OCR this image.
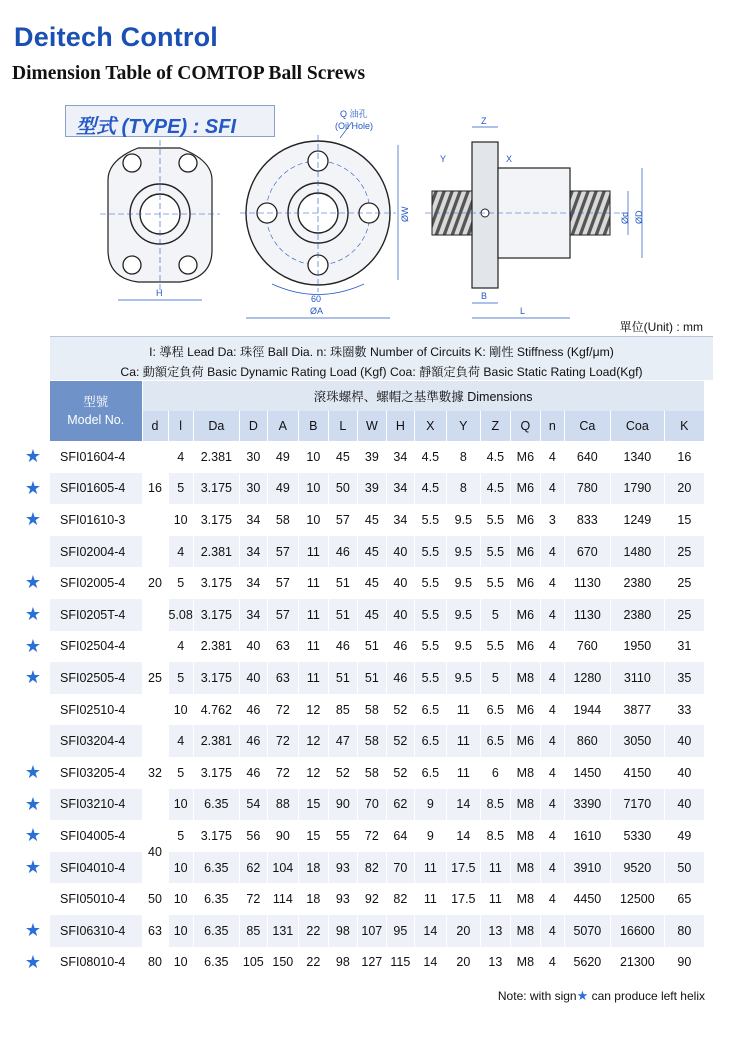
Deitech Control
Dimension Table of COMTOP Ball Screws
型式 (TYPE) : SFI
H
Q 油孔
(Oil Hole)
ØW
60
ØA
Z
Y	X
B
L
Ød ØD
單位(Unit) : mm
I: 導程 Lead Da: 珠徑 Ball Dia. n: 珠圈數 Number of Circuits K: 剛性 Stiffness (Kgf/μm)
Ca: 動額定負荷 Basic Dynamic Rating Load (Kgf) Coa: 靜額定負荷 Basic Static Rating Load(Kgf)
型號
Model No.	滾珠螺桿、螺帽之基準數據 Dimensions																
	d	l	Da	D	A	B	L	W	H	X	Y	Z	Q	n	Ca	Coa	K
SFI01604-4	16	4	2.381	30	49	10	45	39	34	4.5	8	4.5	M6	4	640	1340	16
SFI01605-4		5	3.175	30	49	10	50	39	34	4.5	8	4.5	M6	4	780	1790	20
SFI01610-3		10	3.175	34	58	10	57	45	34	5.5	9.5	5.5	M6	3	833	1249	15
SFI02004-4	20	4	2.381	34	57	11	46	45	40	5.5	9.5	5.5	M6	4	670	1480	25
SFI02005-4		5	3.175	34	57	11	51	45	40	5.5	9.5	5.5	M6	4	1130	2380	25
SFI0205T-4		5.08	3.175	34	57	11	51	45	40	5.5	9.5	5	M6	4	1130	2380	25
SFI02504-4	25	4	2.381	40	63	11	46	51	46	5.5	9.5	5.5	M6	4	760	1950	31
SFI02505-4		5	3.175	40	63	11	51	51	46	5.5	9.5	5	M8	4	1280	3110	35
SFI02510-4		10	4.762	46	72	12	85	58	52	6.5	11	6.5	M6	4	1944	3877	33
SFI03204-4	32	4	2.381	46	72	12	47	58	52	6.5	11	6.5	M6	4	860	3050	40
SFI03205-4		5	3.175	46	72	12	52	58	52	6.5	11	6	M8	4	1450	4150	40
SFI03210-4		10	6.35	54	88	15	90	70	62	9	14	8.5	M8	4	3390	7170	40
SFI04005-4	40	5	3.175	56	90	15	55	72	64	9	14	8.5	M8	4	1610	5330	49
SFI04010-4		10	6.35	62	104	18	93	82	70	11	17.5	11	M8	4	3910	9520	50
SFI05010-4	50	10	6.35	72	114	18	93	92	82	11	17.5	11	M8	4	4450	12500	65
SFI06310-4	63	10	6.35	85	131	22	98	107	95	14	20	13	M8	4	5070	16600	80
SFI08010-4	80	10	6.35	105	150	22	98	127	115	14	20	13	M8	4	5620	21300	90
★
★
★
★
★
★
★
★
★
★
★
★
★
Note: with sign★ can produce left helix
